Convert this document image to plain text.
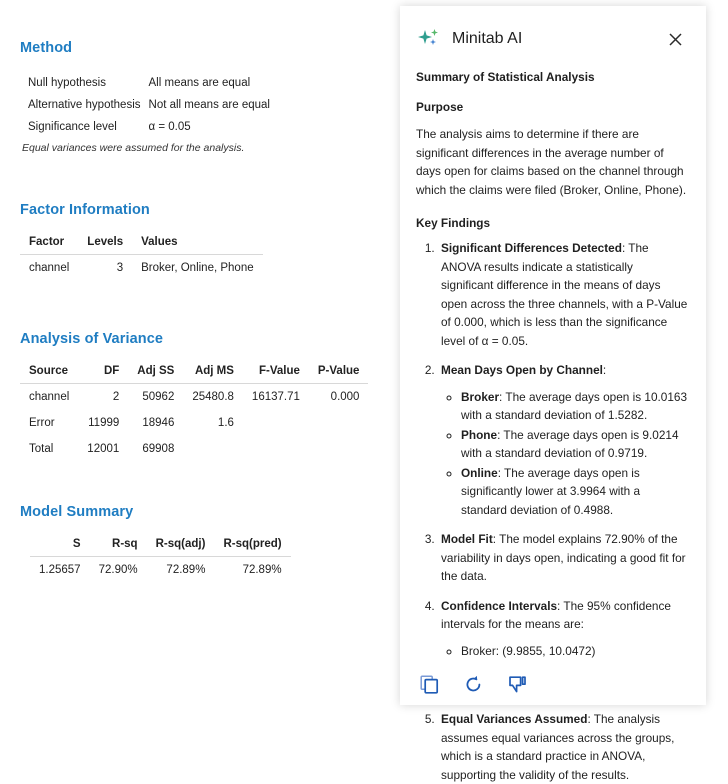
Method
Null hypothesis	All means are equal
Alternative hypothesis	Not all means are equal
Significance level	α = 0.05
Equal variances were assumed for the analysis.
Factor Information
Factor	Levels	Values
channel	3	Broker, Online, Phone
Analysis of Variance
Source	DF	Adj SS	Adj MS	F-Value	P-Value
channel	2	50962	25480.8	16137.71	0.000
Error	11999	18946	1.6		
Total	12001	69908			
Model Summary
S	R-sq	R-sq(adj)	R-sq(pred)
1.25657	72.90%	72.89%	72.89%
Minitab AI
Summary of Statistical Analysis
Purpose
The analysis aims to determine if there are significant differences in the average number of days open for claims based on the channel through which the claims were filed (Broker, Online, Phone).
Key Findings
1. Significant Differences Detected: The ANOVA results indicate a statistically significant difference in the means of days open across the three channels, with a P-Value of 0.000, which is less than the significance level of α = 0.05.
2. Mean Days Open by Channel:
◦ Broker: The average days open is 10.0163 with a standard deviation of 1.5282.
◦ Phone: The average days open is 9.0214 with a standard deviation of 0.9719.
◦ Online: The average days open is significantly lower at 3.9964 with a standard deviation of 0.4988.
3. Model Fit: The model explains 72.90% of the variability in days open, indicating a good fit for the data.
4. Confidence Intervals: The 95% confidence intervals for the means are:
◦ Broker: (9.9855, 10.0472)
◦
◦
5. Equal Variances Assumed: The analysis assumes equal variances across the groups, which is a standard practice in ANOVA, supporting the validity of the results.
